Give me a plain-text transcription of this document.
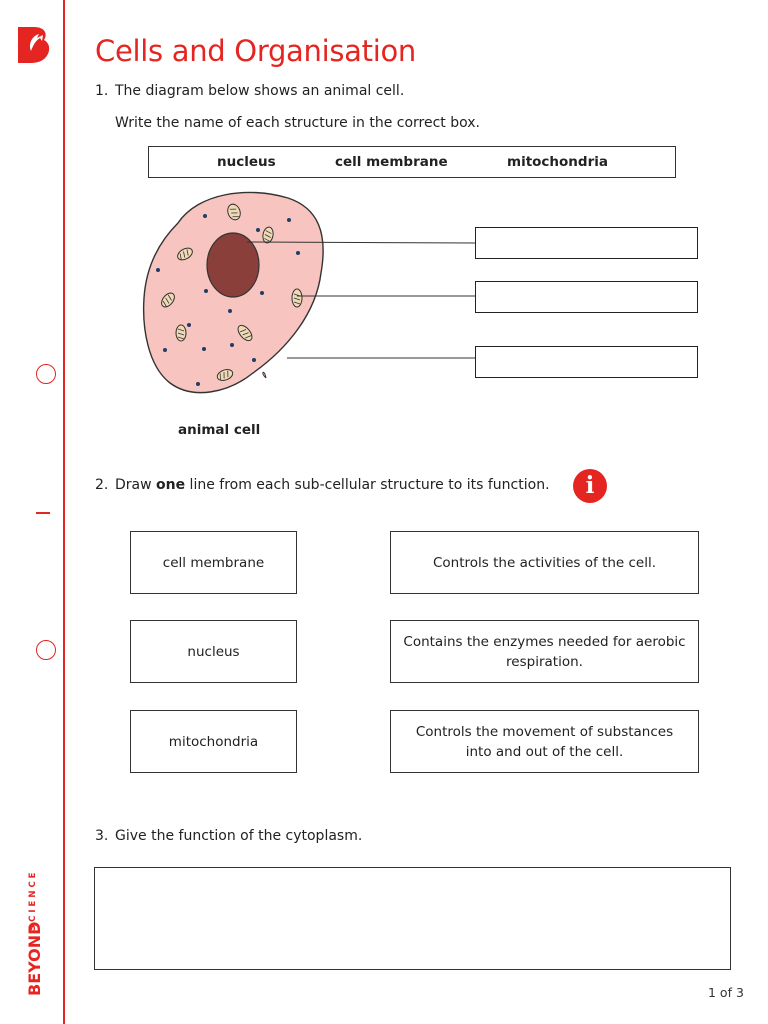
BEYOND
SCIENCE
Cells and Organisation
1. The diagram below shows an animal cell.
Write the name of each structure in the correct box.
nucleus	cell membrane	mitochondria
animal cell
2. Draw one line from each sub-cellular structure to its function.	i
cell membrane
nucleus
mitochondria
Controls the activities of the cell.
Contains the enzymes needed for aerobic respiration.
Controls the movement of substances into and out of the cell.
3. Give the function of the cytoplasm.
1 of 3
